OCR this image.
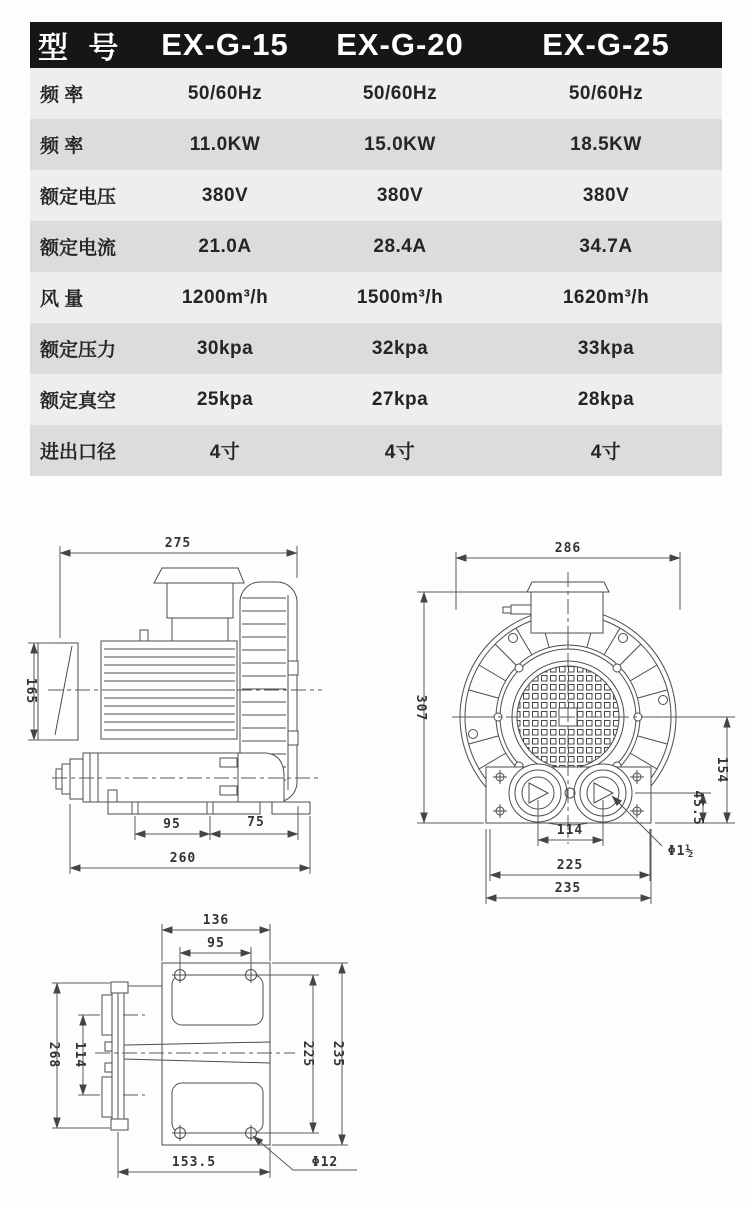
型 号	EX-G-15	EX-G-20	EX-G-25
频 率	50/60Hz	50/60Hz	50/60Hz
频 率	11.0KW	15.0KW	18.5KW
额定电压	380V	380V	380V
额定电流	21.0A	28.4A	34.7A
风 量	1200m³/h	1500m³/h	1620m³/h
额定压力	30kpa	32kpa	33kpa
额定真空	25kpa	27kpa	28kpa
进出口径	4寸	4寸	4寸
275
165
95	75
260
286
307
154
45.5
114
225
235
Φ1½
136
95
268 114	225 235
153.5	Φ12
